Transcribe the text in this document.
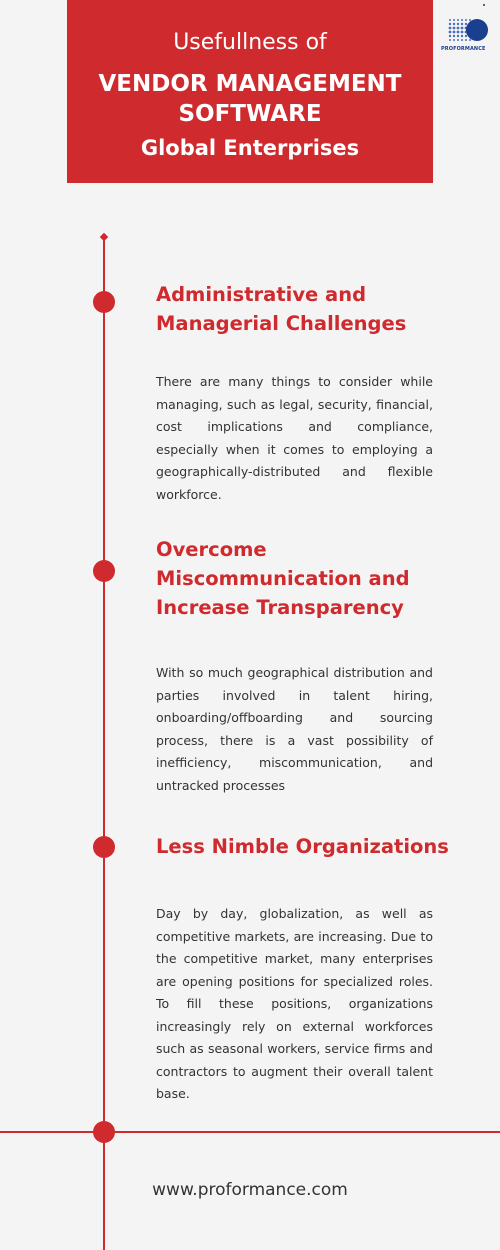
Usefullness of
VENDOR MANAGEMENT SOFTWARE
Global Enterprises
PROFORMANCE
Administrative and Managerial Challenges

There are many things to consider while managing, such as legal, security, financial, cost implications and compliance, especially when it comes to employing a geographically-distributed and flexible workforce.

Overcome Miscommunication and Increase Transparency

With so much geographical distribution and parties involved in talent hiring, onboarding/offboarding and sourcing process, there is a vast possibility of inefficiency, miscommunication, and untracked processes

Less Nimble Organizations

Day by day, globalization, as well as competitive markets, are increasing. Due to the competitive market, many enterprises are opening positions for specialized roles. To fill these positions, organizations increasingly rely on external workforces such as seasonal workers, service firms and contractors to augment their overall talent base.

www.proformance.com
